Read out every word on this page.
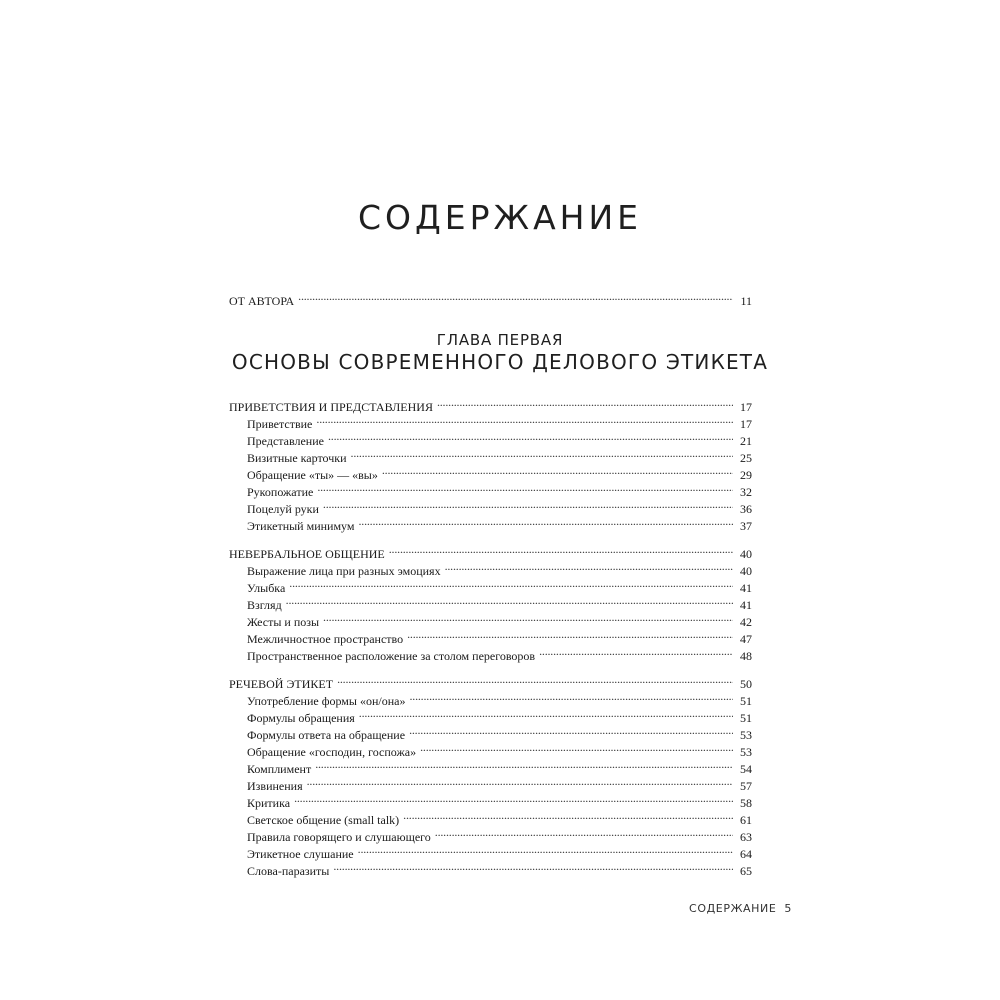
СОДЕРЖАНИЕ
ОТ АВТОРА . . .	11
ГЛАВА ПЕРВАЯ
ОСНОВЫ СОВРЕМЕННОГО ДЕЛОВОГО ЭТИКЕТА
ПРИВЕТСТВИЯ И ПРЕДСТАВЛЕНИЯ . . .	17
Приветствие . . .	17
Представление . . .	21
Визитные карточки . . .	25
Обращение «ты» — «вы» . . .	29
Рукопожатие . . .	32
Поцелуй руки . . .	36
Этикетный минимум . . .	37
НЕВЕРБАЛЬНОЕ ОБЩЕНИЕ . . .	40
Выражение лица при разных эмоциях . . .	40
Улыбка . . .	41
Взгляд . . .	41
Жесты и позы . . .	42
Межличностное пространство . . .	47
Пространственное расположение за столом переговоров . . .	48
РЕЧЕВОЙ ЭТИКЕТ . . .	50
Употребление формы «он/она» . . .	51
Формулы обращения . . .	51
Формулы ответа на обращение . . .	53
Обращение «господин, госпожа» . . .	53
Комплимент . . .	54
Извинения . . .	57
Критика . . .	58
Светское общение (small talk) . . .	61
Правила говорящего и слушающего . . .	63
Этикетное слушание . . .	64
Слова-паразиты . . .	65
СОДЕРЖАНИЕ 5
